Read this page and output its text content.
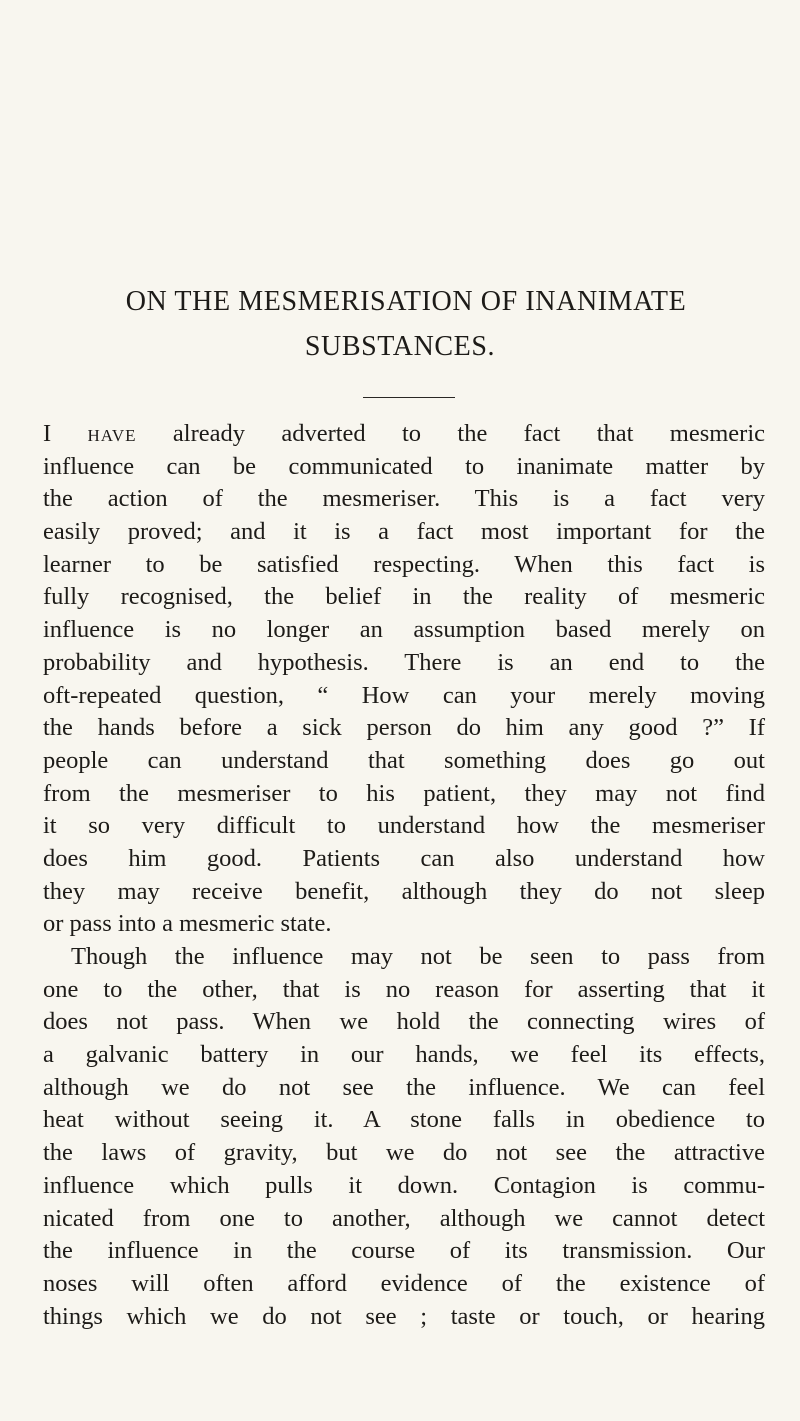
ON THE MESMERISATION OF INANIMATE
SUBSTANCES.
I have already adverted to the fact that mesmeric
influence can be communicated to inanimate matter by
the action of the mesmeriser. This is a fact very
easily proved; and it is a fact most important for the
learner to be satisfied respecting. When this fact is
fully recognised, the belief in the reality of mesmeric
influence is no longer an assumption based merely on
probability and hypothesis. There is an end to the
oft-repeated question, “ How can your merely moving
the hands before a sick person do him any good ?” If
people can understand that something does go out
from the mesmeriser to his patient, they may not find
it so very difficult to understand how the mesmeriser
does him good. Patients can also understand how
they may receive benefit, although they do not sleep
or pass into a mesmeric state.
Though the influence may not be seen to pass from
one to the other, that is no reason for asserting that it
does not pass. When we hold the connecting wires of
a galvanic battery in our hands, we feel its effects,
although we do not see the influence. We can feel
heat without seeing it. A stone falls in obedience to
the laws of gravity, but we do not see the attractive
influence which pulls it down. Contagion is commu-
nicated from one to another, although we cannot detect
the influence in the course of its transmission. Our
noses will often afford evidence of the existence of
things which we do not see ; taste or touch, or hearing
